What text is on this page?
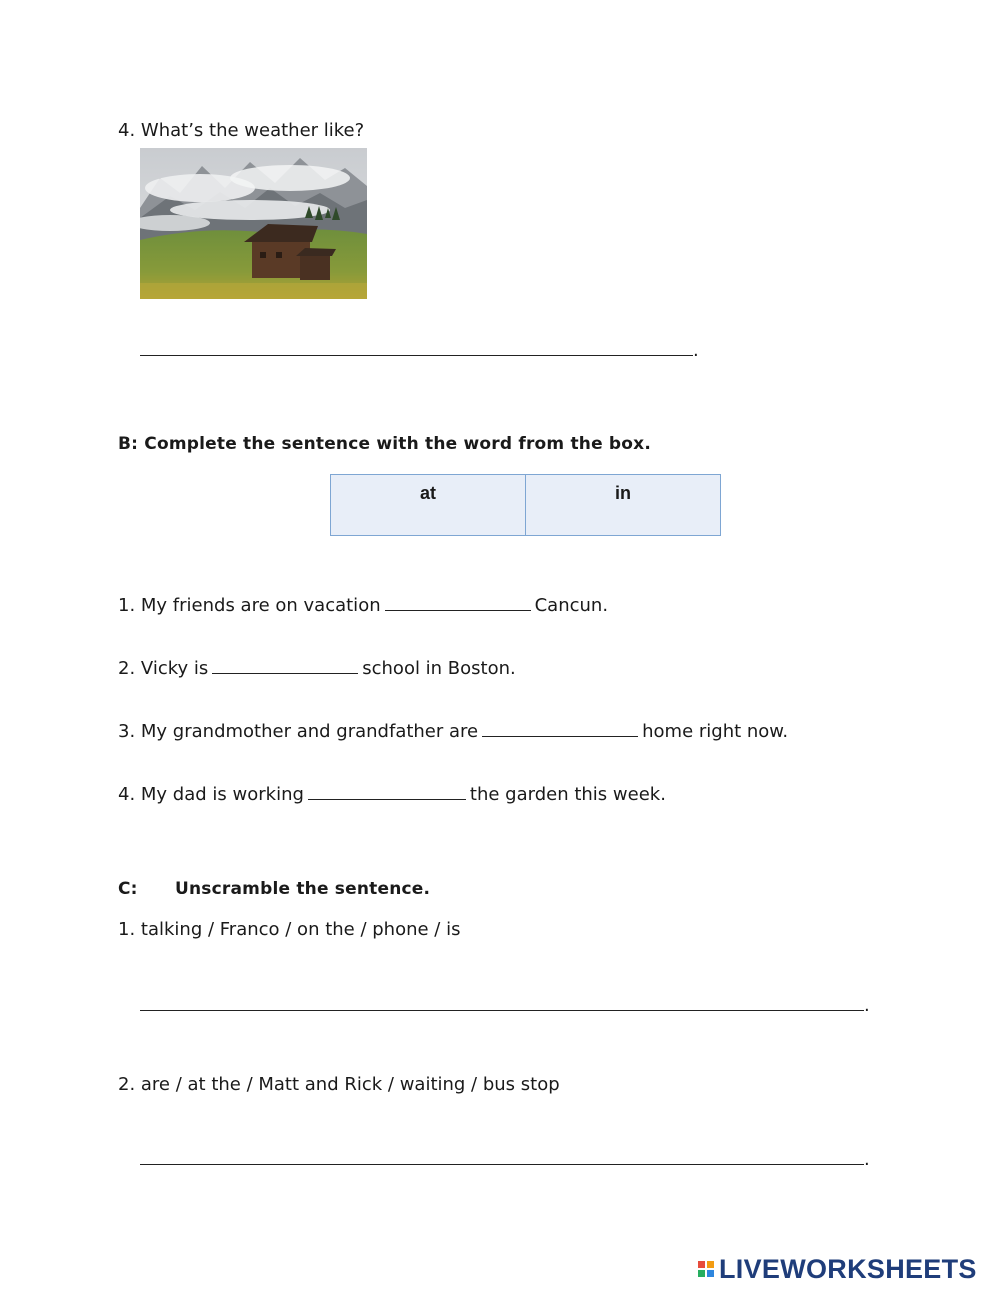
4. What’s the weather like?
.
B: Complete the sentence with the word from the box.
at	in
1. My friends are on vacation	Cancun.
2. Vicky is	school in Boston.
3. My grandmother and grandfather are	home right now.
4. My dad is working	the garden this week.
C: Unscramble the sentence.
1. talking / Franco / on the / phone / is
.
2. are / at the / Matt and Rick / waiting / bus stop
.
LIVEWORKSHEETS
